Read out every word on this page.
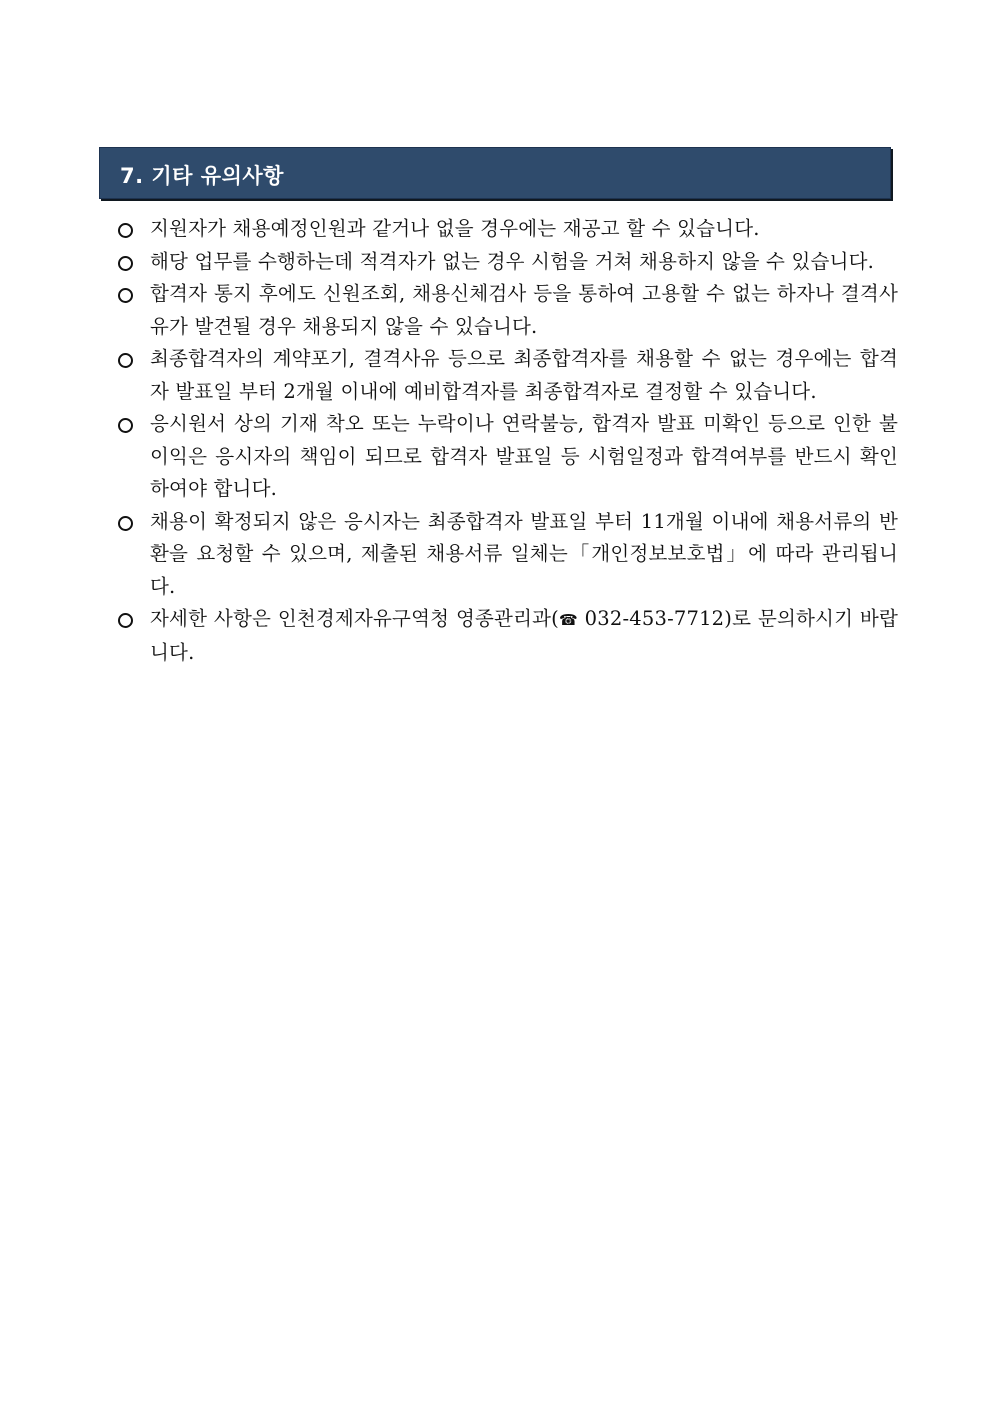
7. 기타 유의사항
지원자가 채용예정인원과 같거나 없을 경우에는 재공고 할 수 있습니다.
해당 업무를 수행하는데 적격자가 없는 경우 시험을 거쳐 채용하지 않을 수 있습니다.
합격자 통지 후에도 신원조회, 채용신체검사 등을 통하여 고용할 수 없는 하자나 결격사유가 발견될 경우 채용되지 않을 수 있습니다.
최종합격자의 계약포기, 결격사유 등으로 최종합격자를 채용할 수 없는 경우에는 합격자 발표일 부터 2개월 이내에 예비합격자를 최종합격자로 결정할 수 있습니다.
응시원서 상의 기재 착오 또는 누락이나 연락불능, 합격자 발표 미확인 등으로 인한 불이익은 응시자의 책임이 되므로 합격자 발표일 등 시험일정과 합격여부를 반드시 확인하여야 합니다.
채용이 확정되지 않은 응시자는 최종합격자 발표일 부터 11개월 이내에 채용서류의 반환을 요청할 수 있으며, 제출된 채용서류 일체는「개인정보보호법」에 따라 관리됩니다.
자세한 사항은 인천경제자유구역청 영종관리과(☎ 032-453-7712)로 문의하시기 바랍니다.
